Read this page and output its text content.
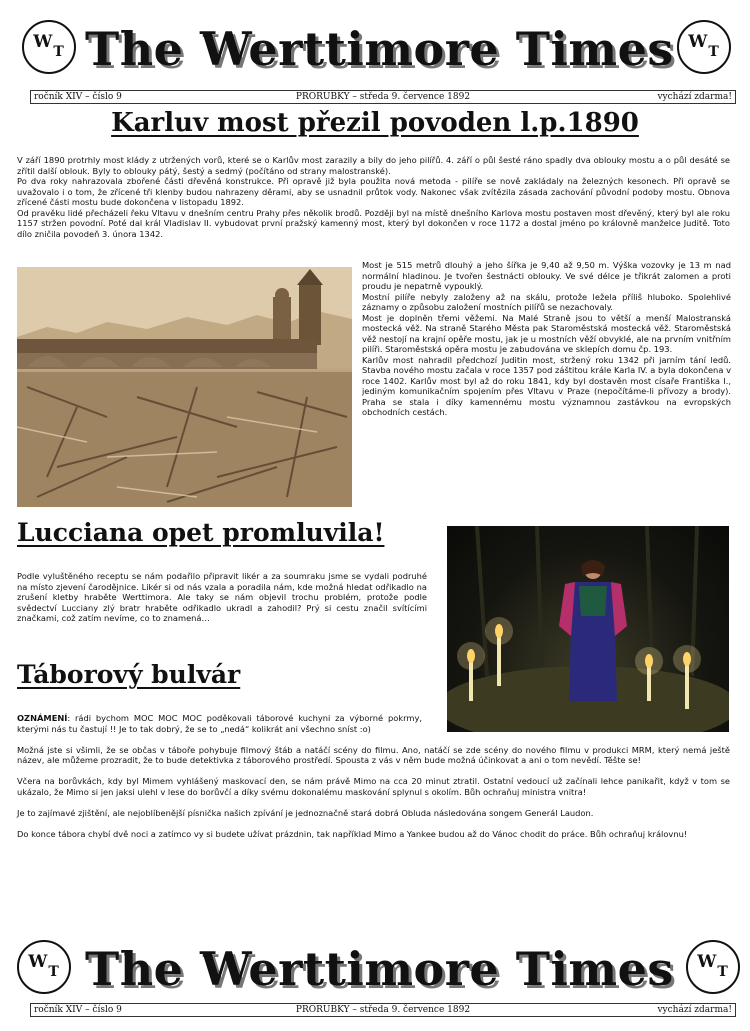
W T The Werttimore Times W T
ročník XIV – číslo 9	PRORUBKY – středa 9. července 1892	vychází zdarma!
Karluv most přezil povoden l.p.1890

V září 1890 protrhly most klády z utržených vorů, které se o Karlův most zarazily a bily do jeho pilířů. 4. září o půl šesté ráno spadly dva oblouky mostu a o půl desáté se zřítil další oblouk. Byly to oblouky pátý, šestý a sedmý (počítáno od strany malostranské).

Po dva roky nahrazovala zbořené části dřevěná konstrukce. Při opravě již byla použita nová metoda - pilíře se nově zakládaly na železných kesonech. Při opravě se uvažovalo i o tom, že zřícené tři klenby budou nahrazeny děrami, aby se usnadnil průtok vody. Nakonec však zvítězila zásada zachování původní podoby mostu. Obnova zřícené části mostu bude dokončena v listopadu 1892.

Od pravěku lidé přecházeli řeku Vltavu v dnešním centru Prahy přes několik brodů. Později byl na místě dnešního Karlova mostu postaven most dřevěný, který byl ale roku 1157 stržen povodní. Poté dal král Vladislav II. vybudovat první pražský kamenný most, který byl dokončen v roce 1172 a dostal jméno po královně manželce Juditě. Toto dílo zničila povodeň 3. února 1342.

Most je 515 metrů dlouhý a jeho šířka je 9,40 až 9,50 m. Výška vozovky je 13 m nad normální hladinou. Je tvořen šestnácti oblouky. Ve své délce je třikrát zalomen a proti proudu je nepatrně vypouklý.

Mostní pilíře nebyly založeny až na skálu, protože ležela příliš hluboko. Spolehlivé záznamy o způsobu založení mostních pilířů se nezachovaly.

Most je doplněn třemi věžemi. Na Malé Straně jsou to větší a menší Malostranská mostecká věž. Na straně Starého Města pak Staroměstská mostecká věž. Staroměstská věž nestojí na krajní opěře mostu, jak je u mostních věží obvyklé, ale na prvním vnitřním pilíři. Staroměstská opěra mostu je zabudována ve sklepích domu čp. 193.

Karlův most nahradil předchozí Juditin most, stržený roku 1342 při jarním tání ledů. Stavba nového mostu začala v roce 1357 pod záštitou krále Karla IV. a byla dokončena v roce 1402. Karlův most byl až do roku 1841, kdy byl dostavěn most císaře Františka I., jediným komunikačním spojením přes Vltavu v Praze (nepočítáme-li přívozy a brody). Praha se stala i díky kamennému mostu významnou zastávkou na evropských obchodních cestách.

Lucciana opet promluvila!

Podle vyluštěného receptu se nám podařilo připravit likér a za soumraku jsme se vydali podruhé na místo zjevení čarodějnice. Likér si od nás vzala a poradila nám, kde možná hledat odřikadlo na zrušení kletby hraběte Werttimora. Ale taky se nám objevil trochu problém, protože podle svědectví Lucciany zlý bratr hraběte odřikadlo ukradl a zahodil? Prý si cestu značil svítícími značkami, což zatím nevíme, co to znamená…

Táborový bulvár

OZNÁMENÍ: rádi bychom MOC MOC MOC poděkovali táborové kuchyni za výborné pokrmy, kterými nás tu častují !! Je to tak dobrý, že se to „nedá“ kolikrát ani všechno sníst :o)

Možná jste si všimli, že se občas v táboře pohybuje filmový štáb a natáčí scény do filmu. Ano, natáčí se zde scény do nového filmu v produkci MRM, který nemá ještě název, ale můžeme prozradit, že to bude detektivka z táborového prostředí. Spousta z vás v něm bude možná účinkovat a ani o tom nevědí. Těšte se!

Včera na borůvkách, kdy byl Mimem vyhlášený maskovací den, se nám právě Mimo na cca 20 minut ztratil. Ostatní vedoucí už začínali lehce panikařit, když v tom se ukázalo, že Mimo si jen jaksi ulehl v lese do borůvčí a díky svému dokonalému maskování splynul s okolím. Bůh ochraňuj ministra vnitra!

Je to zajímavé zjištění, ale nejoblíbenější písnička našich zpívání je jednoznačně stará dobrá Obluda následována songem Generál Laudon.

Do konce tábora chybí dvě noci a zatímco vy si budete užívat prázdnin, tak například Mimo a Yankee budou až do Vánoc chodit do práce. Bůh ochraňuj královnu!

W T The Werttimore Times W T
ročník XIV – číslo 9	PRORUBKY – středa 9. července 1892	vychází zdarma!
